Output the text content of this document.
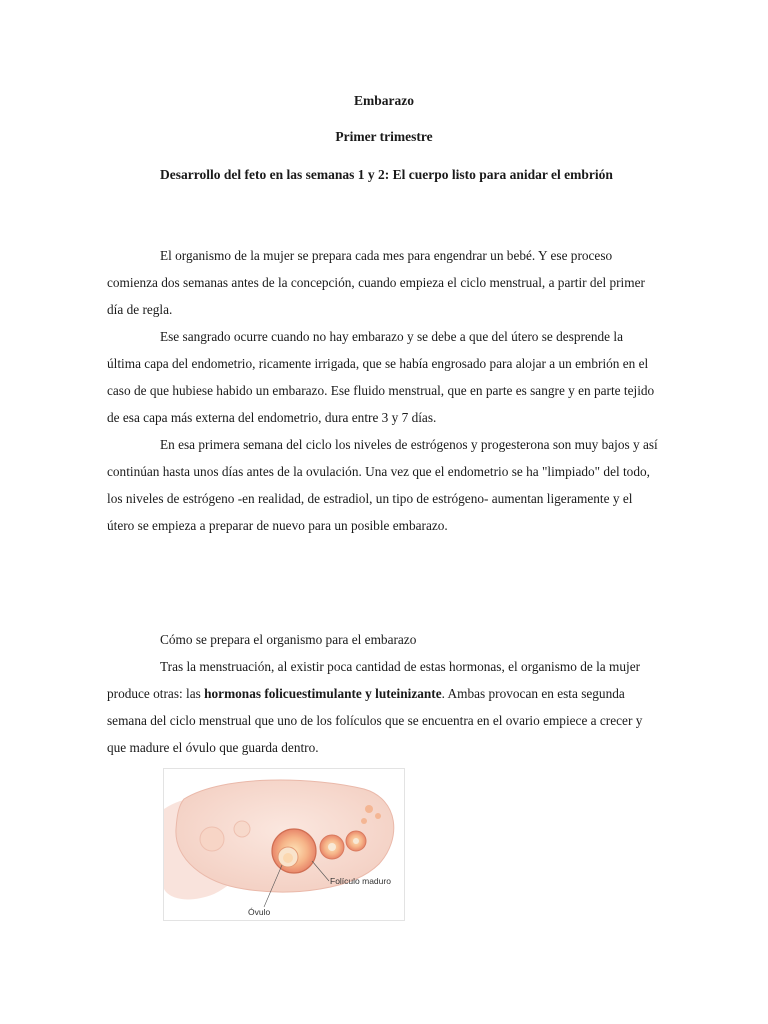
Embarazo
Primer trimestre

Desarrollo del feto en las semanas 1 y 2: El cuerpo listo para anidar el embrión

El organismo de la mujer se prepara cada mes para engendrar un bebé. Y ese proceso comienza dos semanas antes de la concepción, cuando empieza el ciclo menstrual, a partir del primer día de regla.

Ese sangrado ocurre cuando no hay embarazo y se debe a que del útero se desprende la última capa del endometrio, ricamente irrigada, que se había engrosado para alojar a un embrión en el caso de que hubiese habido un embarazo. Ese fluido menstrual, que en parte es sangre y en parte tejido de esa capa más externa del endometrio, dura entre 3 y 7 días.

En esa primera semana del ciclo los niveles de estrógenos y progesterona son muy bajos y así continúan hasta unos días antes de la ovulación. Una vez que el endometrio se ha "limpiado" del todo, los niveles de estrógeno -en realidad, de estradiol, un tipo de estrógeno- aumentan ligeramente y el útero se empieza a preparar de nuevo para un posible embarazo.

Cómo se prepara el organismo para el embarazo

Tras la menstruación, al existir poca cantidad de estas hormonas, el organismo de la mujer produce otras: las hormonas folicuestimulante y luteinizante. Ambas provocan en esta segunda semana del ciclo menstrual que uno de los folículos que se encuentra en el ovario empiece a crecer y que madure el óvulo que guarda dentro.

Folículo maduro
Óvulo
